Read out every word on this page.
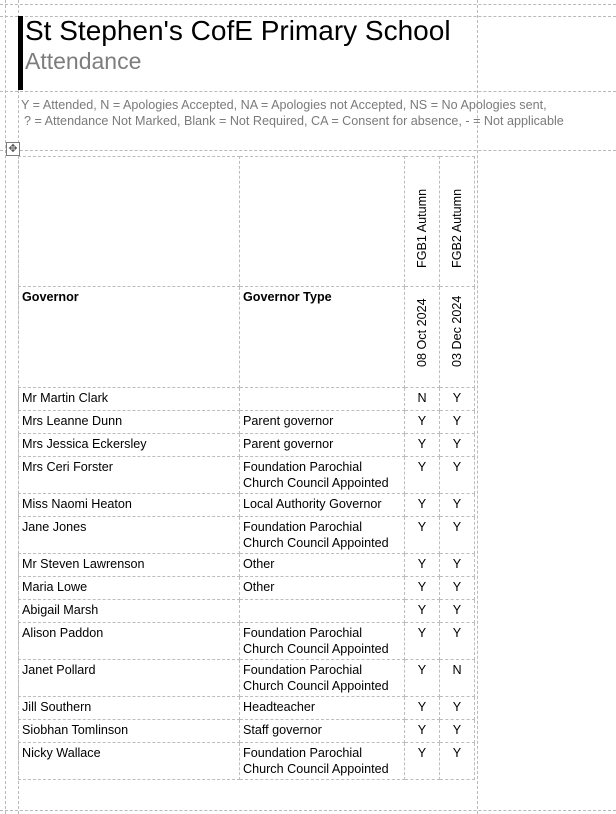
St Stephen's CofE Primary School
Attendance
Y = Attended, N = Apologies Accepted, NA = Apologies not Accepted, NS = No Apologies sent,
? = Attendance Not Marked, Blank = Not Required, CA = Consent for absence, - = Not applicable
✥

		FGB1 Autumn	FGB2 Autumn

Governor	Governor Type	08 Oct 2024	03 Dec 2024

Mr Martin Clark		N	Y
Mrs Leanne Dunn	Parent governor	Y	Y
Mrs Jessica Eckersley	Parent governor	Y	Y
Mrs Ceri Forster	Foundation Parochial Church Council Appointed	Y	Y
Miss Naomi Heaton	Local Authority Governor	Y	Y
Jane Jones	Foundation Parochial Church Council Appointed	Y	Y
Mr Steven Lawrenson	Other	Y	Y
Maria Lowe	Other	Y	Y
Abigail Marsh		Y	Y
Alison Paddon	Foundation Parochial Church Council Appointed	Y	Y
Janet Pollard	Foundation Parochial Church Council Appointed	Y	N
Jill Southern	Headteacher	Y	Y
Siobhan Tomlinson	Staff governor	Y	Y
Nicky Wallace	Foundation Parochial Church Council Appointed	Y	Y
